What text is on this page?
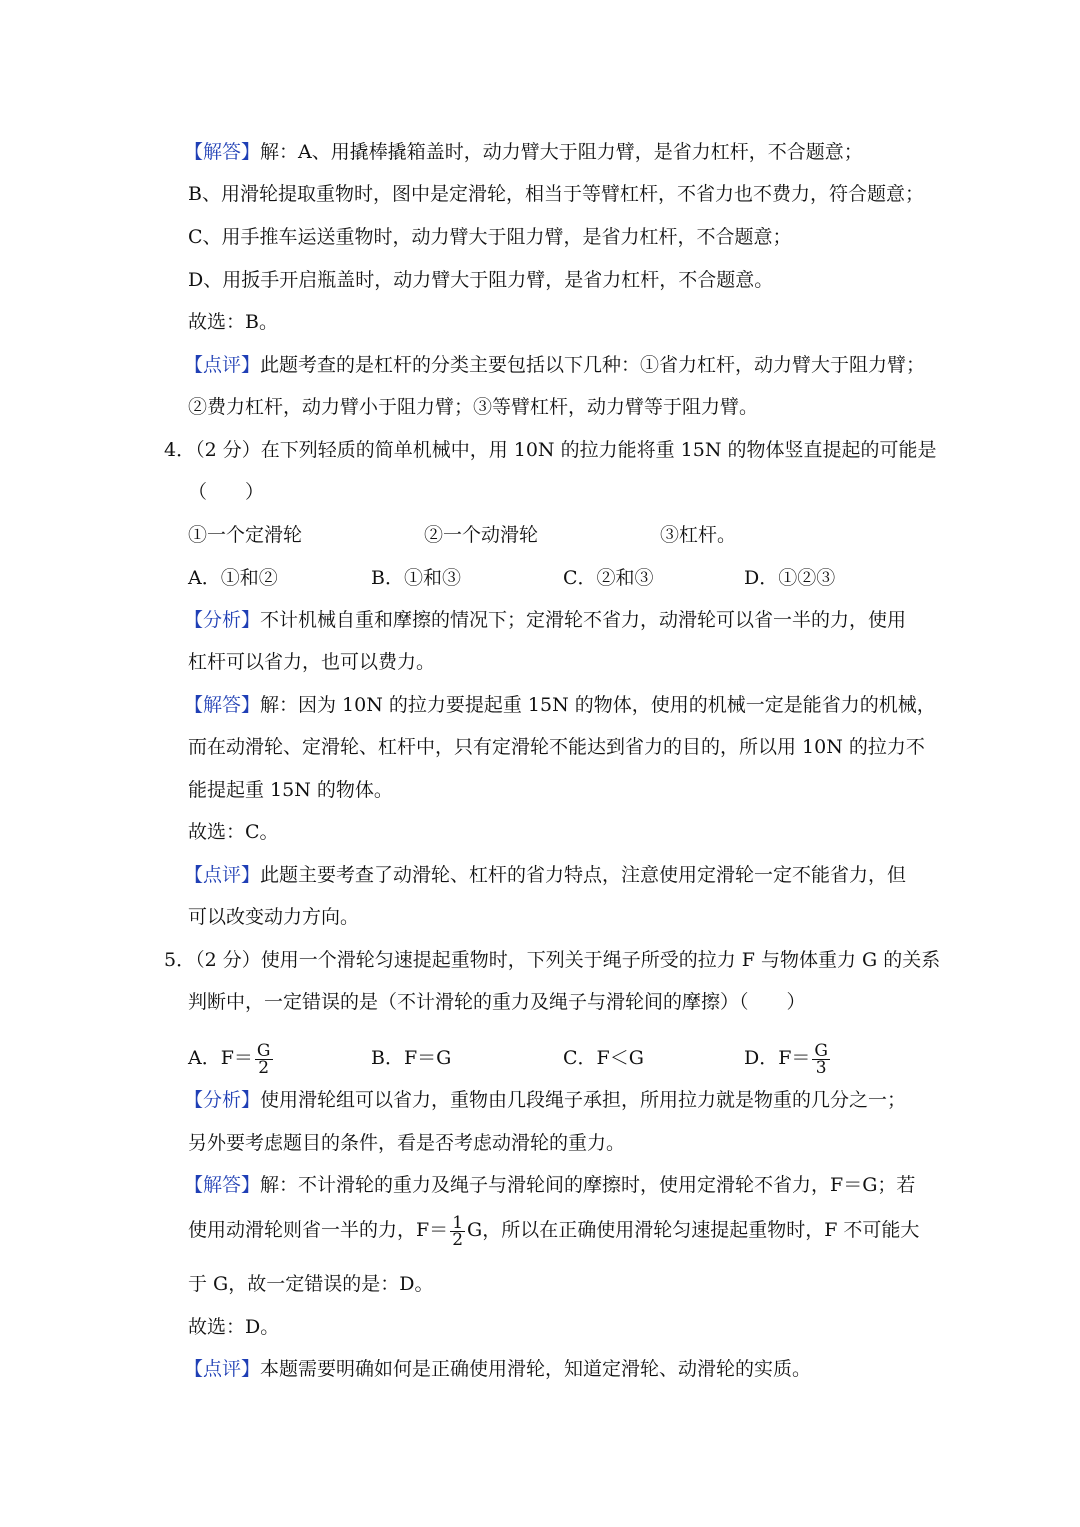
【解答】解：A、用撬棒撬箱盖时，动力臂大于阻力臂，是省力杠杆，不合题意；
B、用滑轮提取重物时，图中是定滑轮，相当于等臂杠杆，不省力也不费力，符合题意；
C、用手推车运送重物时，动力臂大于阻力臂，是省力杠杆，不合题意；
D、用扳手开启瓶盖时，动力臂大于阻力臂，是省力杠杆，不合题意。
故选：B。
【点评】此题考查的是杠杆的分类主要包括以下几种：①省力杠杆，动力臂大于阻力臂；
②费力杠杆，动力臂小于阻力臂；③等臂杠杆，动力臂等于阻力臂。
4．（2 分）在下列轻质的简单机械中，用 10N 的拉力能将重 15N 的物体竖直提起的可能是
（　　）
①一个定滑轮	②一个动滑轮	③杠杆。
A．①和②	B．①和③	C．②和③	D．①②③
【分析】不计机械自重和摩擦的情况下；定滑轮不省力，动滑轮可以省一半的力，使用
杠杆可以省力，也可以费力。
【解答】解：因为 10N 的拉力要提起重 15N 的物体，使用的机械一定是能省力的机械，
而在动滑轮、定滑轮、杠杆中，只有定滑轮不能达到省力的目的，所以用 10N 的拉力不
能提起重 15N 的物体。
故选：C。
【点评】此题主要考查了动滑轮、杠杆的省力特点，注意使用定滑轮一定不能省力，但
可以改变动力方向。
5．（2 分）使用一个滑轮匀速提起重物时，下列关于绳子所受的拉力 F 与物体重力 G 的关系
判断中，一定错误的是（不计滑轮的重力及绳子与滑轮间的摩擦）（　　）
A．$F= \frac{G}{2}$	B．F＝G	C．F＜G	D．$F= \frac{G}{3}$
【分析】使用滑轮组可以省力，重物由几段绳子承担，所用拉力就是物重的几分之一；
另外要考虑题目的条件，看是否考虑动滑轮的重力。
【解答】解：不计滑轮的重力及绳子与滑轮间的摩擦时，使用定滑轮不省力，F＝G；若
使用动滑轮则省一半的力，$F= \frac{1}{2}$ G，所以在正确使用滑轮匀速提起重物时，F 不可能大
于 G，故一定错误的是：D。
故选：D。
【点评】本题需要明确如何是正确使用滑轮，知道定滑轮、动滑轮的实质。
